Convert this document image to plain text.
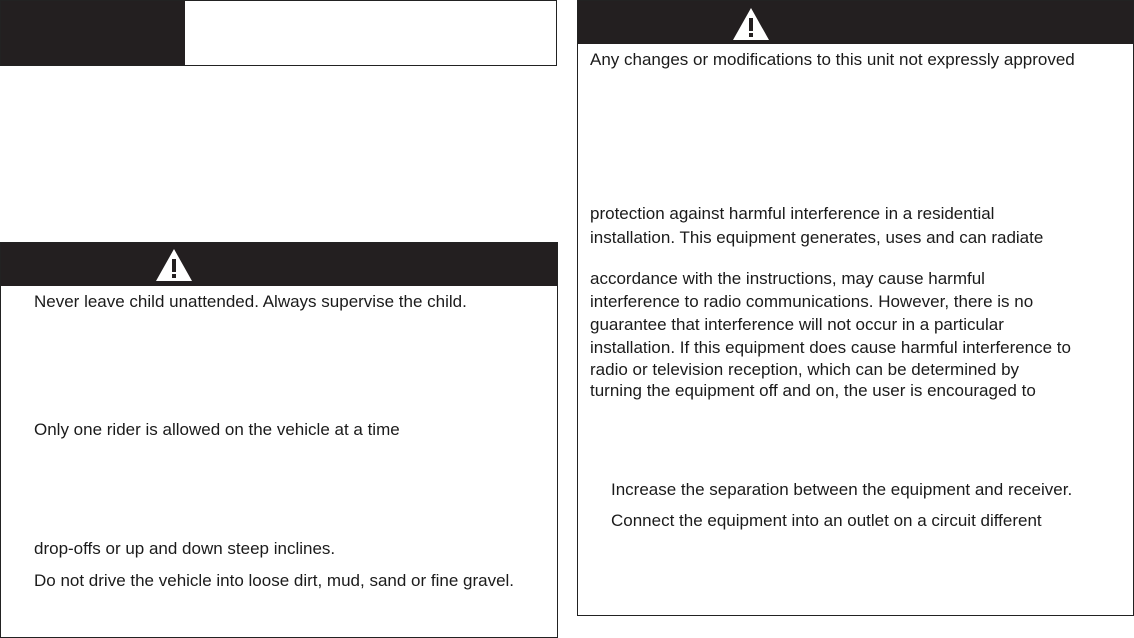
Never leave child unattended. Always supervise the child.
Only one rider is allowed on the vehicle at a time
drop-offs or up and down steep inclines.
Do not drive the vehicle into loose dirt, mud, sand or fine gravel.
Any changes or modifications to this unit not expressly approved
protection against harmful interference in a residential
installation. This equipment generates, uses and can radiate
accordance with the instructions, may cause harmful
interference to radio communications. However, there is no
guarantee that interference will not occur in a particular
installation. If this equipment does cause harmful interference to
radio or television reception, which can be determined by
turning the equipment off and on, the user is encouraged to
Increase the separation between the equipment and receiver.
Connect the equipment into an outlet on a circuit different
